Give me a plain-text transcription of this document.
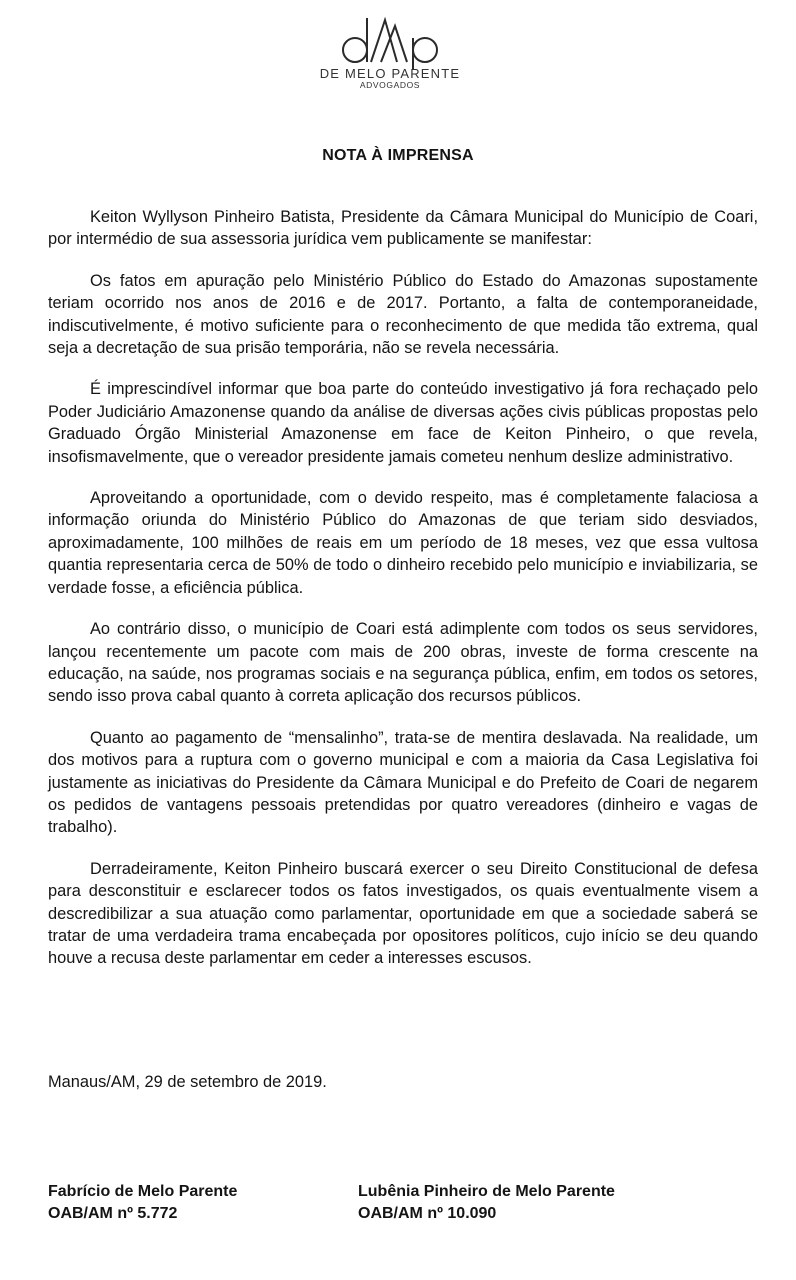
DE MELO PARENTE
ADVOGADOS
NOTA À IMPRENSA

Keiton Wyllyson Pinheiro Batista, Presidente da Câmara Municipal do Município de Coari, por intermédio de sua assessoria jurídica vem publicamente se manifestar:

Os fatos em apuração pelo Ministério Público do Estado do Amazonas supostamente teriam ocorrido nos anos de 2016 e de 2017. Portanto, a falta de contemporaneidade, indiscutivelmente, é motivo suficiente para o reconhecimento de que medida tão extrema, qual seja a decretação de sua prisão temporária, não se revela necessária.

É imprescindível informar que boa parte do conteúdo investigativo já fora rechaçado pelo Poder Judiciário Amazonense quando da análise de diversas ações civis públicas propostas pelo Graduado Órgão Ministerial Amazonense em face de Keiton Pinheiro, o que revela, insofismavelmente, que o vereador presidente jamais cometeu nenhum deslize administrativo.

Aproveitando a oportunidade, com o devido respeito, mas é completamente falaciosa a informação oriunda do Ministério Público do Amazonas de que teriam sido desviados, aproximadamente, 100 milhões de reais em um período de 18 meses, vez que essa vultosa quantia representaria cerca de 50% de todo o dinheiro recebido pelo município e inviabilizaria, se verdade fosse, a eficiência pública.

Ao contrário disso, o município de Coari está adimplente com todos os seus servidores, lançou recentemente um pacote com mais de 200 obras, investe de forma crescente na educação, na saúde, nos programas sociais e na segurança pública, enfim, em todos os setores, sendo isso prova cabal quanto à correta aplicação dos recursos públicos.

Quanto ao pagamento de “mensalinho”, trata-se de mentira deslavada. Na realidade, um dos motivos para a ruptura com o governo municipal e com a maioria da Casa Legislativa foi justamente as iniciativas do Presidente da Câmara Municipal e do Prefeito de Coari de negarem os pedidos de vantagens pessoais pretendidas por quatro vereadores (dinheiro e vagas de trabalho).

Derradeiramente, Keiton Pinheiro buscará exercer o seu Direito Constitucional de defesa para desconstituir e esclarecer todos os fatos investigados, os quais eventualmente visem a descredibilizar a sua atuação como parlamentar, oportunidade em que a sociedade saberá se tratar de uma verdadeira trama encabeçada por opositores políticos, cujo início se deu quando houve a recusa deste parlamentar em ceder a interesses escusos.

Manaus/AM, 29 de setembro de 2019.
Fabrício de Melo Parente
OAB/AM nº 5.772
Lubênia Pinheiro de Melo Parente
OAB/AM nº 10.090
